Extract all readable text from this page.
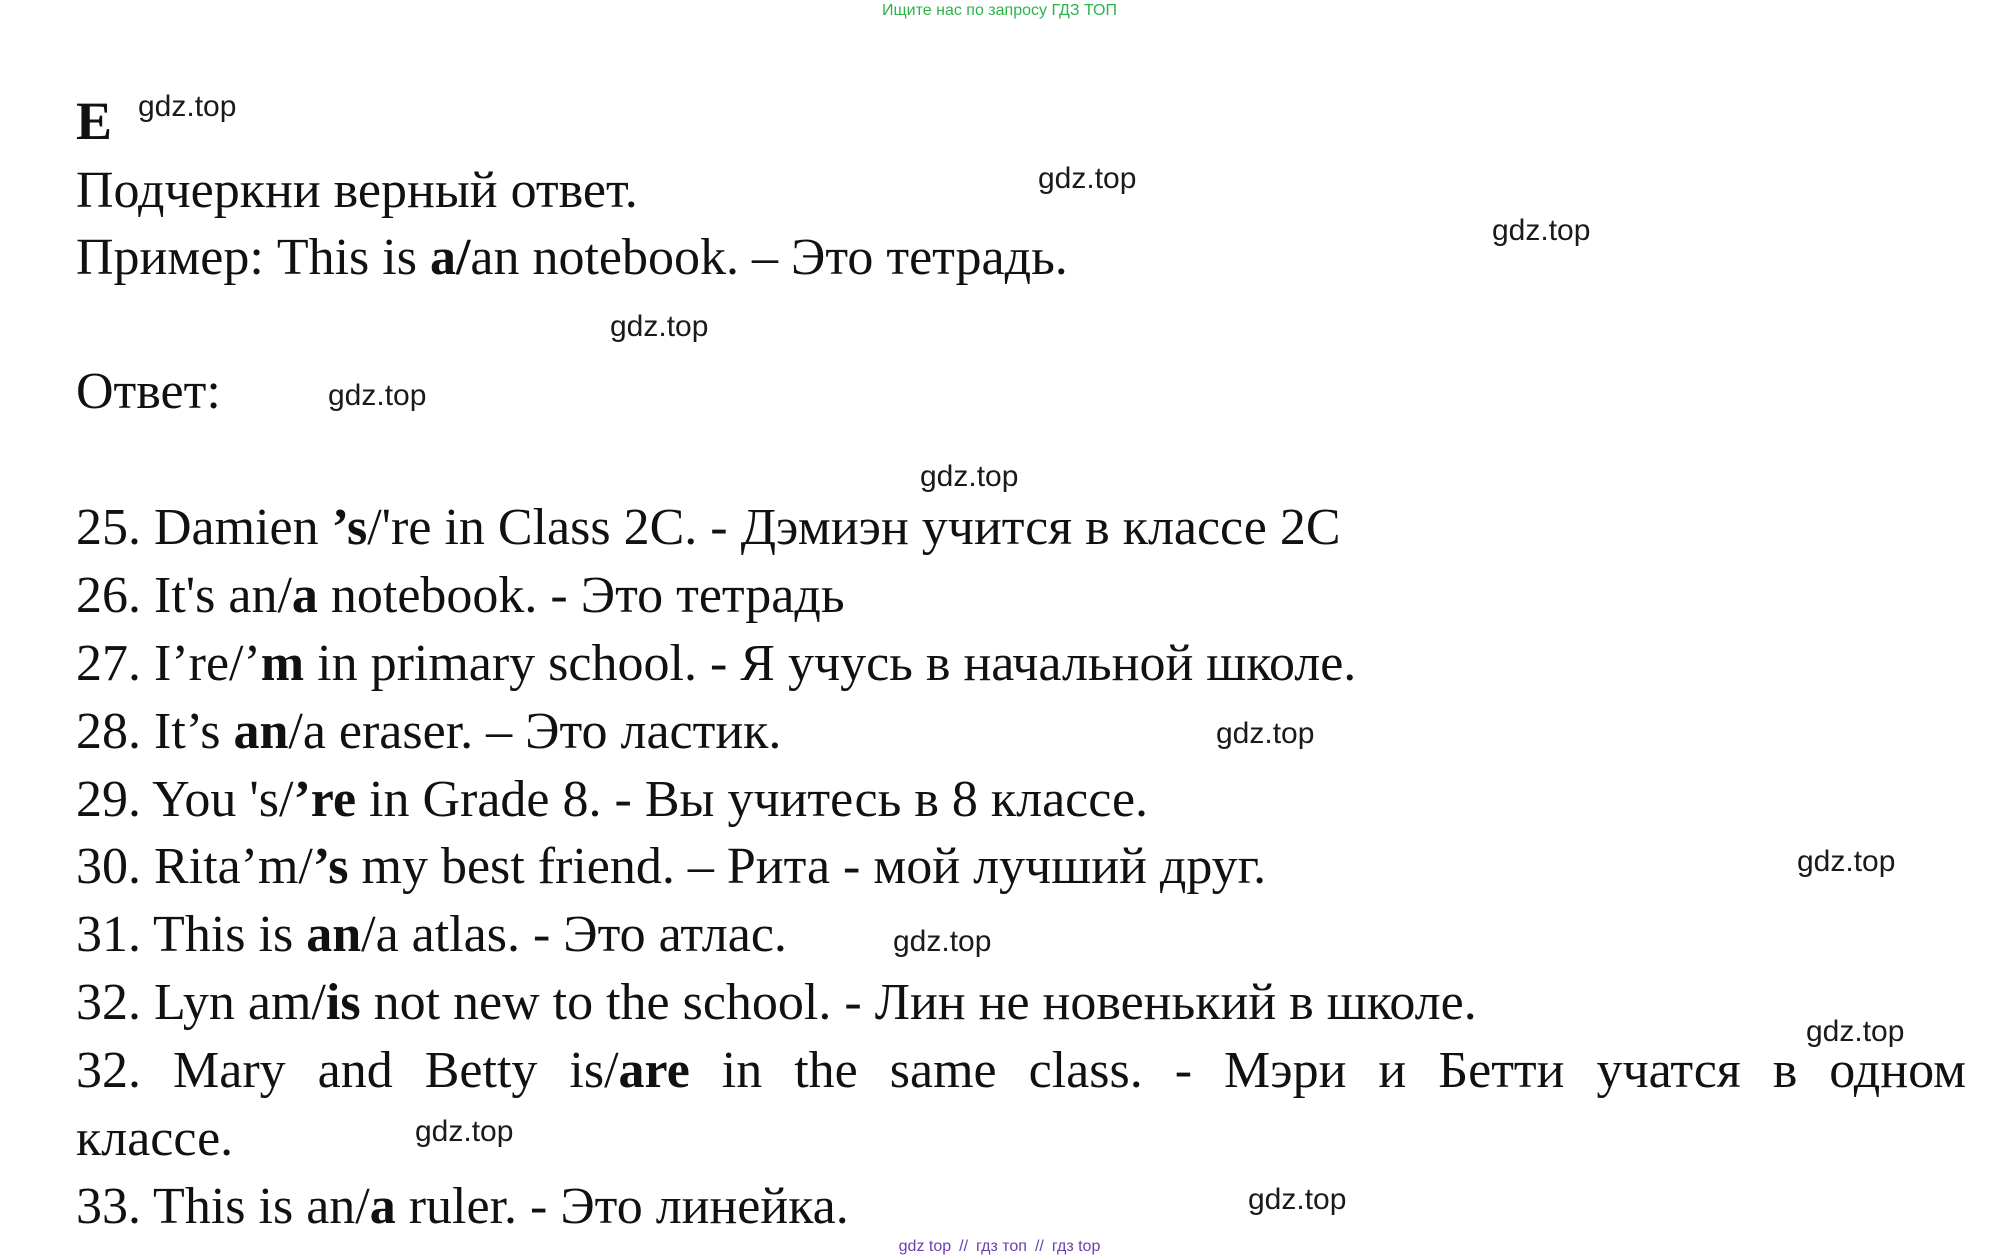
Ищите нас по запросу ГДЗ ТОП
E gdz.top
Подчеркни верный ответ.	gdz.top
Пример: This is a/an notebook. – Это тетрадь.	gdz.top
gdz.top
Ответ:	gdz.top
gdz.top
25. Damien ’s/'re in Class 2C. - Дэмиэн учится в классе 2С
26. It's an/a notebook. - Это тетрадь
27. I’re/’m in primary school. - Я учусь в начальной школе.
28. It’s an/a eraser. – Это ластик.	gdz.top
29. You 's/’re in Grade 8. - Вы учитесь в 8 классе.
30. Rita’m/’s my best friend. – Рита - мой лучший друг.	gdz.top
31. This is an/a atlas. - Это атлас.	gdz.top
32. Lyn am/is not new to the school. - Лин не новенький в школе.
gdz.top
32. Mary and Betty is/are in the same class. - Мэри и Бетти учатся в одном
классе.	gdz.top
33. This is an/a ruler. - Это линейка.	gdz.top
gdz top // гдз топ // гдз top
